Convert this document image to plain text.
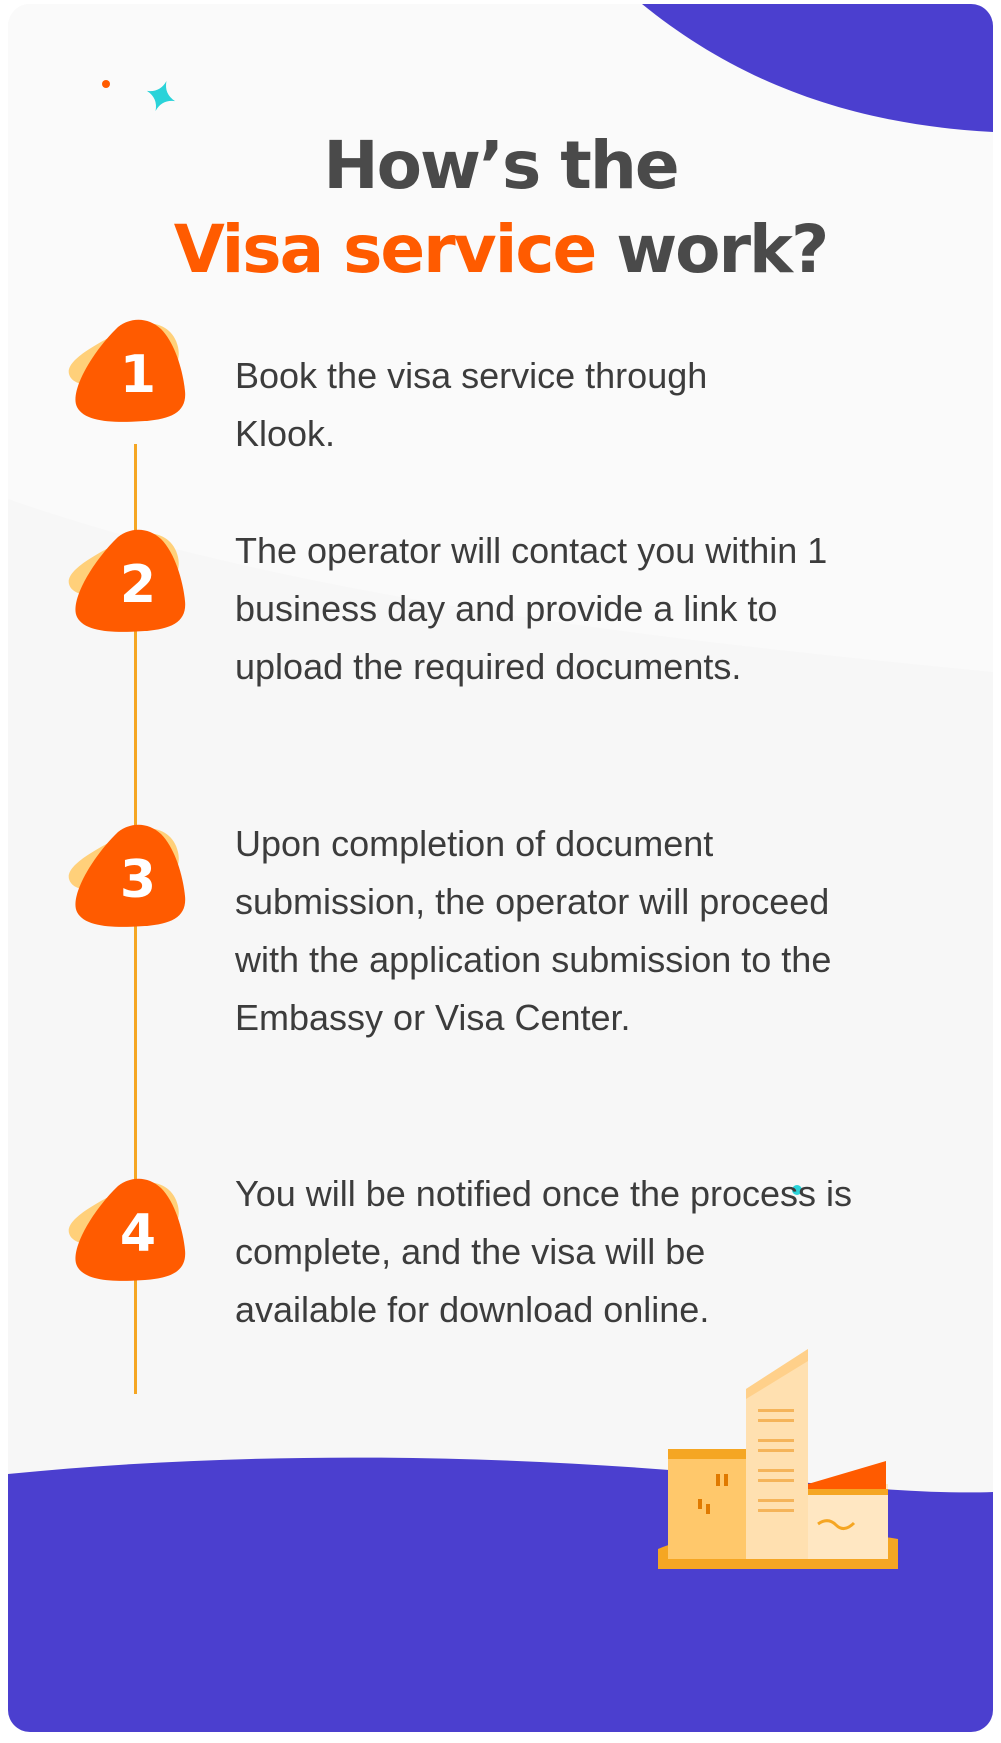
How’s the
Visa service work?
1	Book the visa service through Klook.

2

The operator will contact you within 1 business day and provide a link to upload the required documents.

3

Upon completion of document submission, the operator will proceed with the application submission to the Embassy or Visa Center.

4

You will be notified once the process is complete, and the visa will be available for download online.
